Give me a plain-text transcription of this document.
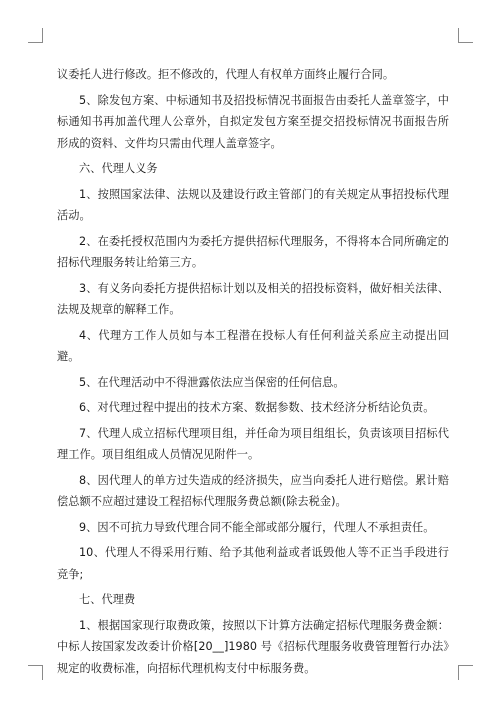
议委托人进行修改。拒不修改的，代理人有权单方面终止履行合同。

5、除发包方案、中标通知书及招投标情况书面报告由委托人盖章签字，中标通知书再加盖代理人公章外，自拟定发包方案至提交招投标情况书面报告所形成的资料、文件均只需由代理人盖章签字。

六、代理人义务

1、按照国家法律、法规以及建设行政主管部门的有关规定从事招投标代理活动。

2、在委托授权范围内为委托方提供招标代理服务，不得将本合同所确定的招标代理服务转让给第三方。

3、有义务向委托方提供招标计划以及相关的招投标资料，做好相关法律、法规及规章的解释工作。

4、代理方工作人员如与本工程潜在投标人有任何利益关系应主动提出回避。

5、在代理活动中不得泄露依法应当保密的任何信息。

6、对代理过程中提出的技术方案、数据参数、技术经济分析结论负责。

7、代理人成立招标代理项目组，并任命为项目组组长，负责该项目招标代理工作。项目组组成人员情况见附件一。

8、因代理人的单方过失造成的经济损失，应当向委托人进行赔偿。累计赔偿总额不应超过建设工程招标代理服务费总额(除去税金)。

9、因不可抗力导致代理合同不能全部或部分履行，代理人不承担责任。

10、代理人不得采用行贿、给予其他利益或者诋毁他人等不正当手段进行竞争;

七、代理费

1、根据国家现行取费政策，按照以下计算方法确定招标代理服务费金额：中标人按国家发改委计价格[20__]1980 号《招标代理服务收费管理暂行办法》规定的收费标准，向招标代理机构支付中标服务费。
